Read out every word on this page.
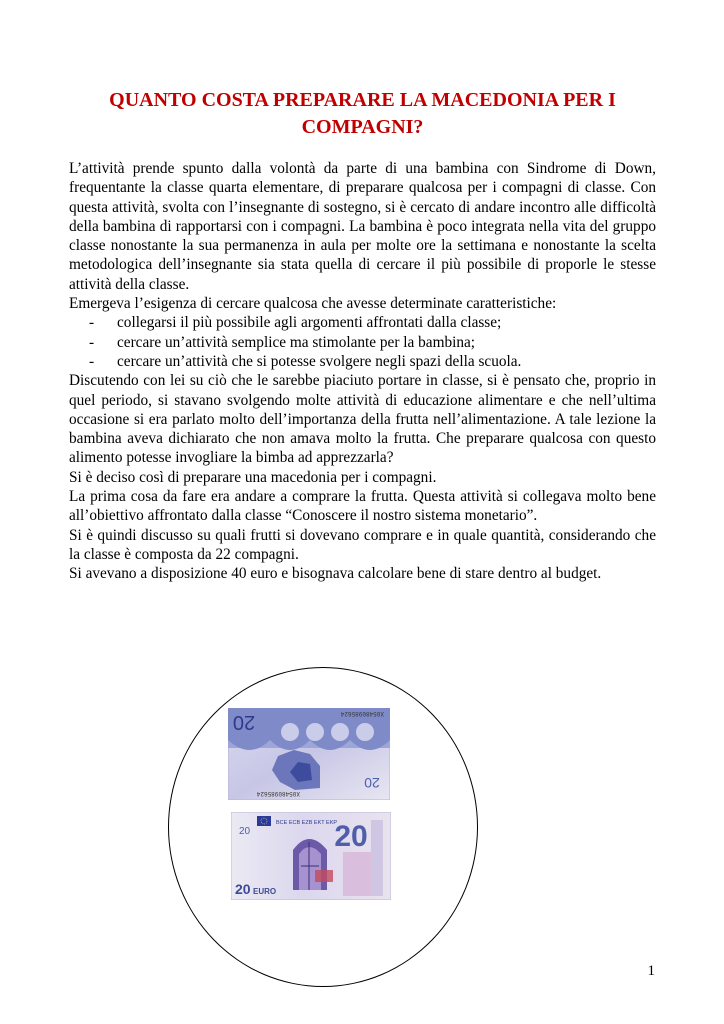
QUANTO COSTA PREPARARE LA MACEDONIA PER I COMPAGNI?

L’attività prende spunto dalla volontà da parte di una bambina con Sindrome di Down, frequentante la classe quarta elementare, di preparare qualcosa per i compagni di classe. Con questa attività, svolta con l’insegnante di sostegno, si è cercato di andare incontro alle difficoltà della bambina di rapportarsi con i compagni. La bambina è poco integrata nella vita del gruppo classe nonostante la sua permanenza in aula per molte ore la settimana e nonostante la scelta metodologica dell’insegnante sia stata quella di cercare il più possibile di proporle le stesse attività della classe.

Emergeva l’esigenza di cercare qualcosa che avesse determinate caratteristiche:

- collegarsi il più possibile agli argomenti affrontati dalla classe;
- cercare un’attività semplice ma stimolante per la bambina;
- cercare un’attività che si potesse svolgere negli spazi della scuola.

Discutendo con lei su ciò che le sarebbe piaciuto portare in classe, si è pensato che, proprio in quel periodo, si stavano svolgendo molte attività di educazione alimentare e che nell’ultima occasione si era parlato molto dell’importanza della frutta nell’alimentazione. A tale lezione la bambina aveva dichiarato che non amava molto la frutta. Che preparare qualcosa con questo alimento potesse invogliare la bimba ad apprezzarla?

Si è deciso così di preparare una macedonia per i compagni.

La prima cosa da fare era andare a comprare la frutta. Questa attività si collegava molto bene all’obiettivo affrontato dalla classe “Conoscere il nostro sistema monetario”.

Si è quindi discusso su quali frutti si dovevano comprare e in quale quantità, considerando che la classe è composta da 22 compagni.

Si avevano a disposizione 40 euro e bisognava calcolare bene di stare dentro al budget.

20
20
X05480985624
X05480985624
BCE ECB EZB EKT EKP
20
20 EURO
20
1
